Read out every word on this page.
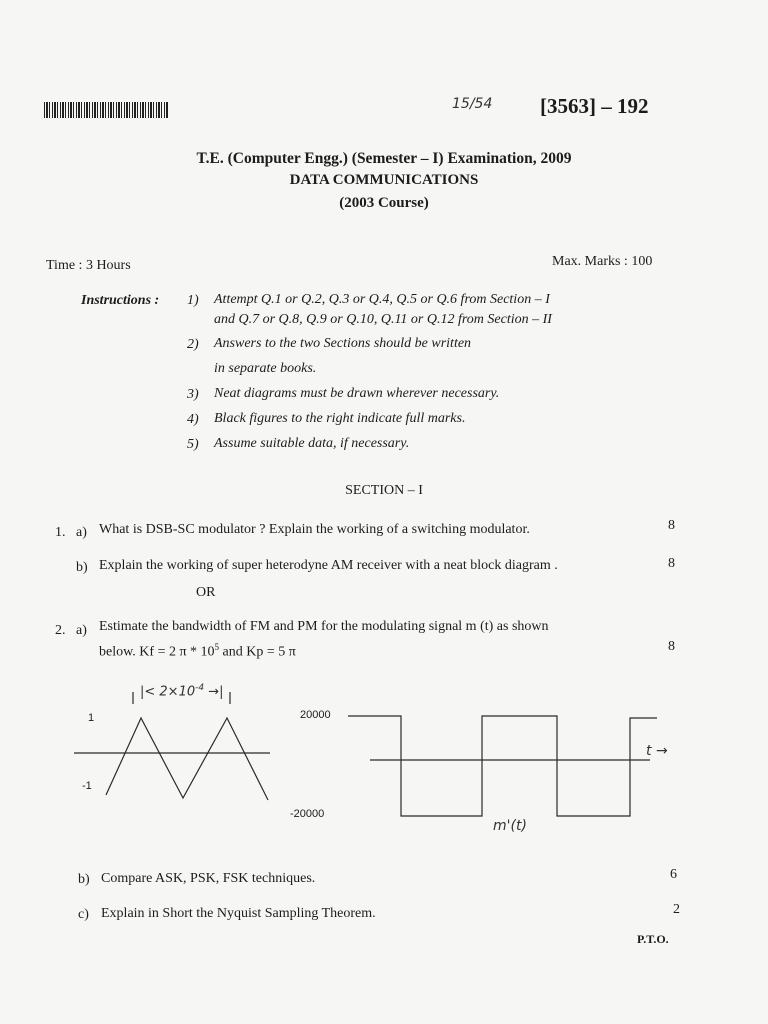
15/54 [3563] – 192
T.E. (Computer Engg.) (Semester – I) Examination, 2009
DATA COMMUNICATIONS
(2003 Course)
Time : 3 Hours	Max. Marks : 100
Instructions : 1) Attempt Q.1 or Q.2, Q.3 or Q.4, Q.5 or Q.6 from Section – I
and Q.7 or Q.8, Q.9 or Q.10, Q.11 or Q.12 from Section – II
2) Answers to the two Sections should be written
in separate books.
3) Neat diagrams must be drawn wherever necessary.
4) Black figures to the right indicate full marks.
5) Assume suitable data, if necessary.
SECTION – I
1. a) What is DSB-SC modulator ? Explain the working of a switching modulator.	8
b) Explain the working of super heterodyne AM receiver with a neat block diagram .	8
OR
2. a) Estimate the bandwidth of FM and PM for the modulating signal m (t) as shown
below. Kf = 2 π * $10^5$ and Kp = 5 π	8
|< $2\times 10^{-4}$ →|
1
-1
20000
-20000
t →
m'(t)
b) Compare ASK, PSK, FSK techniques.	6
c) Explain in Short the Nyquist Sampling Theorem.	2
P.T.O.
